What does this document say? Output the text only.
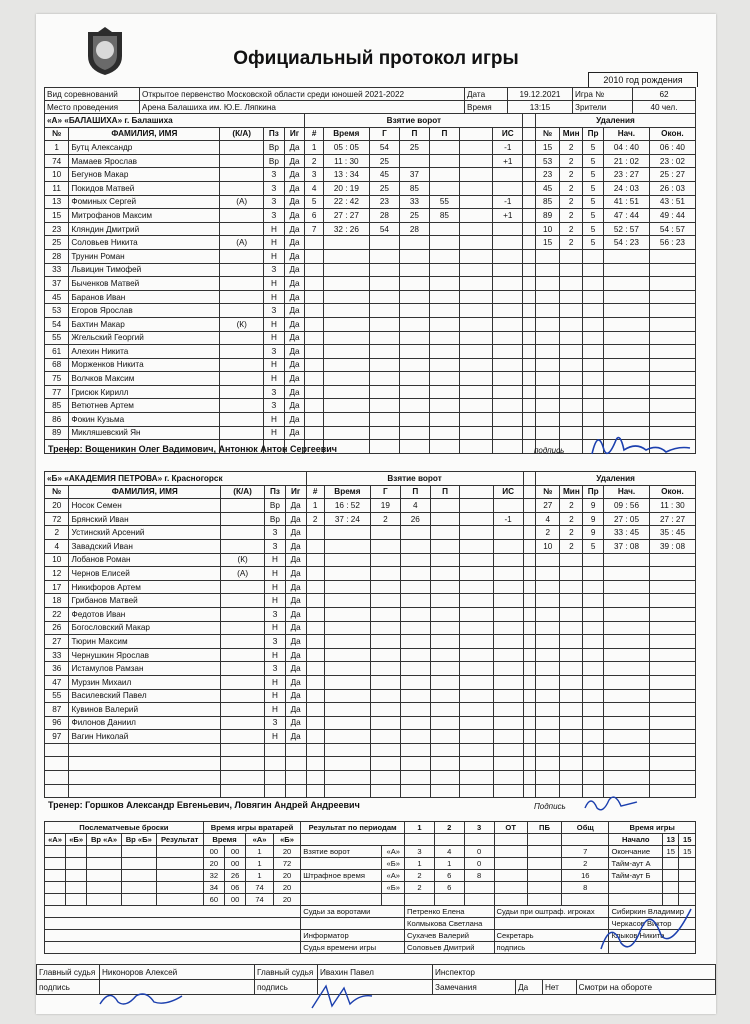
Официальный протокол игры
2010 год рождения
Вид соревнований	Открытое первенство Московской области среди юношей 2021-2022	Дата	19.12.2021	Игра №	62
Место проведения	Арена Балашиха им. Ю.Е. Ляпкина	Время	13:15	Зрители	40 чел.
«А» «БАЛАШИХА» г. Балашиха					Взятие ворот								Удаления				
№	ФАМИЛИЯ, ИМЯ	(К/А)	Пз	Иг	#	Время	Г	П	П		ИС		№	Мин	Пр	Нач.	Окон.
1	Бутц Александр		Вр	Да	1	05 : 05	54	25			-1		15	2	5	04 : 40	06 : 40
74	Мамаев Ярослав		Вр	Да	2	11 : 30	25				+1		53	2	5	21 : 02	23 : 02
10	Бегунов Макар		З	Да	3	13 : 34	45	37					23	2	5	23 : 27	25 : 27
11	Покидов Матвей		З	Да	4	20 : 19	25	85					45	2	5	24 : 03	26 : 03
13	Фоминых Сергей	(А)	З	Да	5	22 : 42	23	33	55		-1		85	2	5	41 : 51	43 : 51
15	Митрофанов Максим		З	Да	6	27 : 27	28	25	85		+1		89	2	5	47 : 44	49 : 44
23	Кляндин Дмитрий		Н	Да	7	32 : 26	54	28					10	2	5	52 : 57	54 : 57
25	Соловьев Никита	(А)	Н	Да									15	2	5	54 : 23	56 : 23
28	Трунин Роман		Н	Да													
33	Львицин Тимофей		З	Да													
37	Быченков Матвей		Н	Да													
45	Баранов Иван		Н	Да													
53	Егоров Ярослав		З	Да													
54	Бахтин Макар	(К)	Н	Да													
55	Жгельский Георгий		Н	Да													
61	Алехин Никита		З	Да													
68	Морженков Никита		Н	Да													
75	Волчков Максим		Н	Да													
77	Грисюк Кирилл		З	Да													
85	Ветютнев Артем		З	Да													
86	Фокин Кузьма		Н	Да													
89	Микляшевский Ян		Н	Да													

Тренер: Вощеникин Олег Вадимович, Антонюк Антон Сергеевич	подпись
«Б» «АКАДЕМИЯ ПЕТРОВА» г. Красногорск					Взятие ворот								Удаления				
№	ФАМИЛИЯ, ИМЯ	(К/А)	Пз	Иг	#	Время	Г	П	П		ИС		№	Мин	Пр	Нач.	Окон.
20	Носок Семен		Вр	Да	1	16 : 52	19	4					27	2	9	09 : 56	11 : 30
72	Брянский Иван		Вр	Да	2	37 : 24	2	26			-1		4	2	9	27 : 05	27 : 27
2	Устинский Арсений		З	Да									2	2	9	33 : 45	35 : 45
4	Завадский Иван		З	Да									10	2	5	37 : 08	39 : 08
10	Лобанов Роман	(К)	Н	Да													
12	Чернов Елисей	(А)	Н	Да													
17	Никифоров Артем		Н	Да													
18	Грибанов Матвей		Н	Да													
22	Федотов Иван		З	Да													
26	Богословский Макар		Н	Да													
27	Тюрин Максим		З	Да													
33	Чернушкин Ярослав		Н	Да													
36	Истамулов Рамзан		З	Да													
47	Мурзин Михаил		Н	Да													
55	Василевский Павел		Н	Да													
87	Кувинов Валерий		Н	Да													
96	Филонов Даниил		З	Да													
97	Вагин Николай		Н	Да													

Тренер: Горшков Александр Евгеньевич, Ловягин Андрей Андреевич	Подпись
Послематчевые броски					Время игры вратарей				Результат по периодам		1	2	3	ОТ	ПБ	Общ	Время игры		
«А»	«Б»	Вр «А»	Вр «Б»	Результат	Время		«А»	«Б»									Начало	13	15
					00	00	1	20	Взятие ворот	«А»	3	4	0			7	Окончание	15	15
					20	00	1	72		«Б»	1	1	0			2	Тайм-аут А		
					32	26	1	20	Штрафное время	«А»	2	6	8			16	Тайм-аут Б		
					34	06	74	20		«Б»	2	6				8			
					60	00	74	20											
									Судьи за воротами		Петренко Елена			Судьи при оштраф. игроках			Сибиркин Владимир		
											Колмыкова Светлана						Черкасов Виктор		
									Информатор		Сухачев Валерий			Секретарь			Клыков Никита		
									Судья времени игры		Соловьев Дмитрий			подпись					
Главный судья	Никоноров Алексей	Главный судья	Ивахин Павел	Инспектор			
подпись		подпись		Замечания	Да	Нет	Смотри на обороте
